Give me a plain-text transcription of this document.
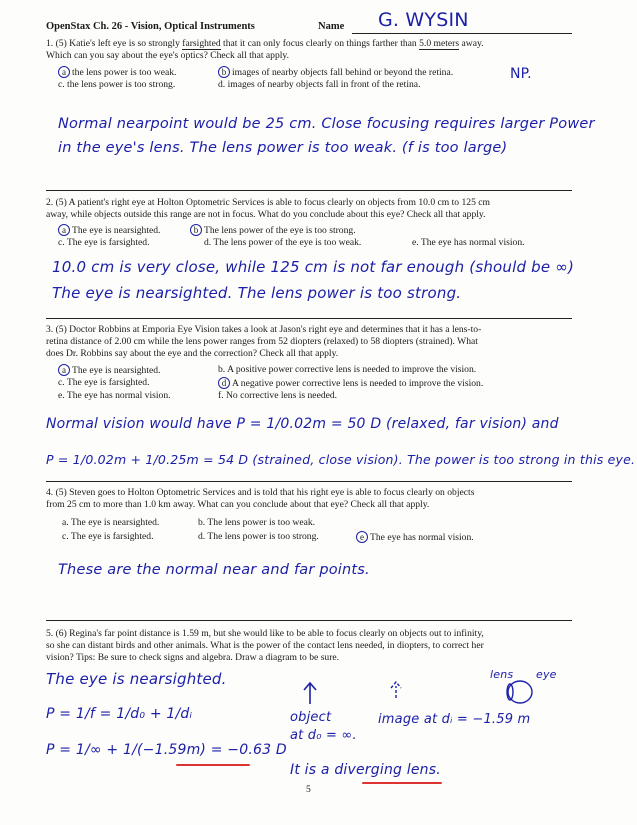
OpenStax Ch. 26 - Vision, Optical Instruments	Name G. WYSIN
1. (5) Katie's left eye is so strongly farsighted that it can only focus clearly on things farther than 5.0 meters away.
Which can you say about the eye's optics? Check all that apply.
a the lens power is too weak.	b images of nearby objects fall behind or beyond the retina.	NP.
c. the lens power is too strong.	d. images of nearby objects fall in front of the retina.
Normal nearpoint would be 25 cm. Close focusing requires larger Power
in the eye's lens. The lens power is too weak. (f is too large)
2. (5) A patient's right eye at Holton Optometric Services is able to focus clearly on objects from 10.0 cm to 125 cm
away, while objects outside this range are not in focus. What do you conclude about this eye? Check all that apply.
a The eye is nearsighted.	b The lens power of the eye is too strong.
c. The eye is farsighted.	d. The lens power of the eye is too weak.	e. The eye has normal vision.
10.0 cm is very close, while 125 cm is not far enough (should be ∞)
The eye is nearsighted. The lens power is too strong.
3. (5) Doctor Robbins at Emporia Eye Vision takes a look at Jason's right eye and determines that it has a lens-to-
retina distance of 2.00 cm while the lens power ranges from 52 diopters (relaxed) to 58 diopters (strained). What
does Dr. Robbins say about the eye and the correction? Check all that apply.
a The eye is nearsighted.	b. A positive power corrective lens is needed to improve the vision.
c. The eye is farsighted.	d A negative power corrective lens is needed to improve the vision.
e. The eye has normal vision.	f. No corrective lens is needed.
Normal vision would have P = 1/0.02m = 50 D (relaxed, far vision) and
P = 1/0.02m + 1/0.25m = 54 D (strained, close vision). The power is too strong in this eye.
4. (5) Steven goes to Holton Optometric Services and is told that his right eye is able to focus clearly on objects
from 25 cm to more than 1.0 km away. What can you conclude about that eye? Check all that apply.
a. The eye is nearsighted.	b. The lens power is too weak.
c. The eye is farsighted.	d. The lens power is too strong.	e The eye has normal vision.
These are the normal near and far points.
5. (6) Regina's far point distance is 1.59 m, but she would like to be able to focus clearly on objects out to infinity,
so she can distant birds and other animals. What is the power of the contact lens needed, in diopters, to correct her
vision? Tips: Be sure to check signs and algebra. Draw a diagram to be sure.
The eye is nearsighted.
P = 1/f = 1/d₀ + 1/dᵢ
P = 1/∞ + 1/(−1.59m) = −0.63 D
lens eye
object
at d₀ = ∞.
image at dᵢ = −1.59 m
It is a diverging lens.
5
